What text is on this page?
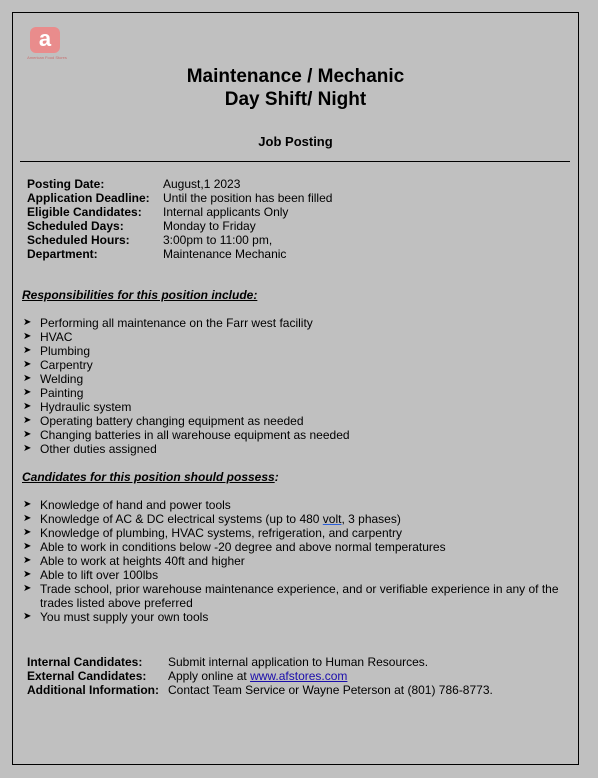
a
American Food Stores
Maintenance / Mechanic
Day Shift/ Night
Job Posting
Posting Date:	August,1 2023
Application Deadline: Until the position has been filled
Eligible Candidates: Internal applicants Only
Scheduled Days:	Monday to Friday
Scheduled Hours:	3:00pm to 11:00 pm,
Department:	Maintenance Mechanic
Responsibilities for this position include:
➤ Performing all maintenance on the Farr west facility
➤ HVAC
➤ Plumbing
➤ Carpentry
➤ Welding
➤ Painting
➤ Hydraulic system
➤ Operating battery changing equipment as needed
➤ Changing batteries in all warehouse equipment as needed
➤ Other duties assigned
Candidates for this position should possess:
➤ Knowledge of hand and power tools
➤ Knowledge of AC & DC electrical systems (up to 480 volt, 3 phases)
➤ Knowledge of plumbing, HVAC systems, refrigeration, and carpentry
➤ Able to work in conditions below -20 degree and above normal temperatures
➤ Able to work at heights 40ft and higher
➤ Able to lift over 100lbs
➤ Trade school, prior warehouse maintenance experience, and or verifiable experience in any of the trades listed above preferred
➤ You must supply your own tools
Internal Candidates: Submit internal application to Human Resources.
External Candidates: Apply online at www.afstores.com
Additional Information: Contact Team Service or Wayne Peterson at (801) 786-8773.
